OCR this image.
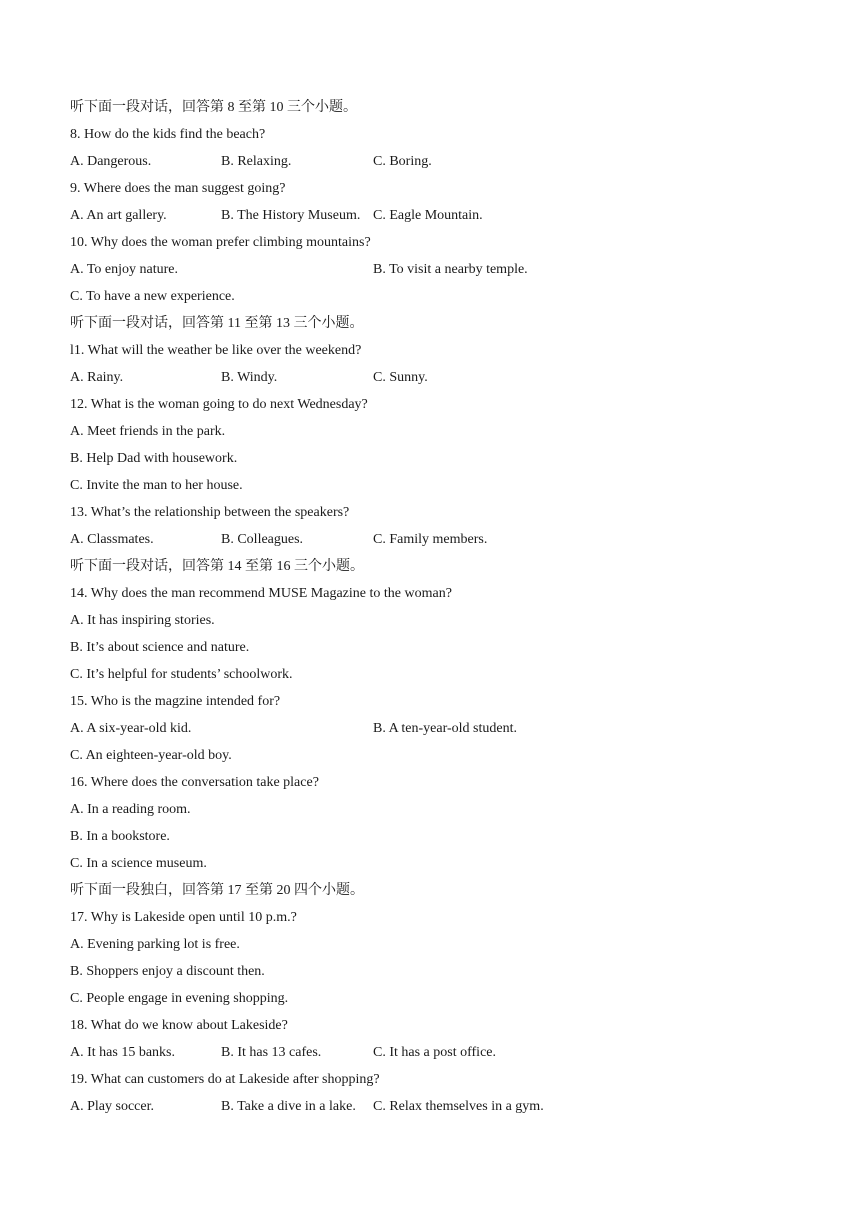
听下面一段对话，回答第 8 至第 10 三个小题。
8. How do the kids find the beach?
A. Dangerous.	B. Relaxing.	C. Boring.
9. Where does the man suggest going?
A. An art gallery.	B. The History Museum. C. Eagle Mountain.
10. Why does the woman prefer climbing mountains?
A. To enjoy nature.	B. To visit a nearby temple.
C. To have a new experience.
听下面一段对话，回答第 11 至第 13 三个小题。
l1. What will the weather be like over the weekend?
A. Rainy.	B. Windy.	C. Sunny.
12. What is the woman going to do next Wednesday?
A. Meet friends in the park.
B. Help Dad with housework.
C. Invite the man to her house.
13. What’s the relationship between the speakers?
A. Classmates.	B. Colleagues.	C. Family members.
听下面一段对话，回答第 14 至第 16 三个小题。
14. Why does the man recommend MUSE Magazine to the woman?
A. It has inspiring stories.
B. It’s about science and nature.
C. It’s helpful for students’ schoolwork.
15. Who is the magzine intended for?
A. A six-year-old kid.	B. A ten-year-old student.
C. An eighteen-year-old boy.
16. Where does the conversation take place?
A. In a reading room.
B. In a bookstore.
C. In a science museum.
听下面一段独白，回答第 17 至第 20 四个小题。
17. Why is Lakeside open until 10 p.m.?
A. Evening parking lot is free.
B. Shoppers enjoy a discount then.
C. People engage in evening shopping.
18. What do we know about Lakeside?
A. It has 15 banks.	B. It has 13 cafes.	C. It has a post office.
19. What can customers do at Lakeside after shopping?
A. Play soccer.	B. Take a dive in a lake.	C. Relax themselves in a gym.
